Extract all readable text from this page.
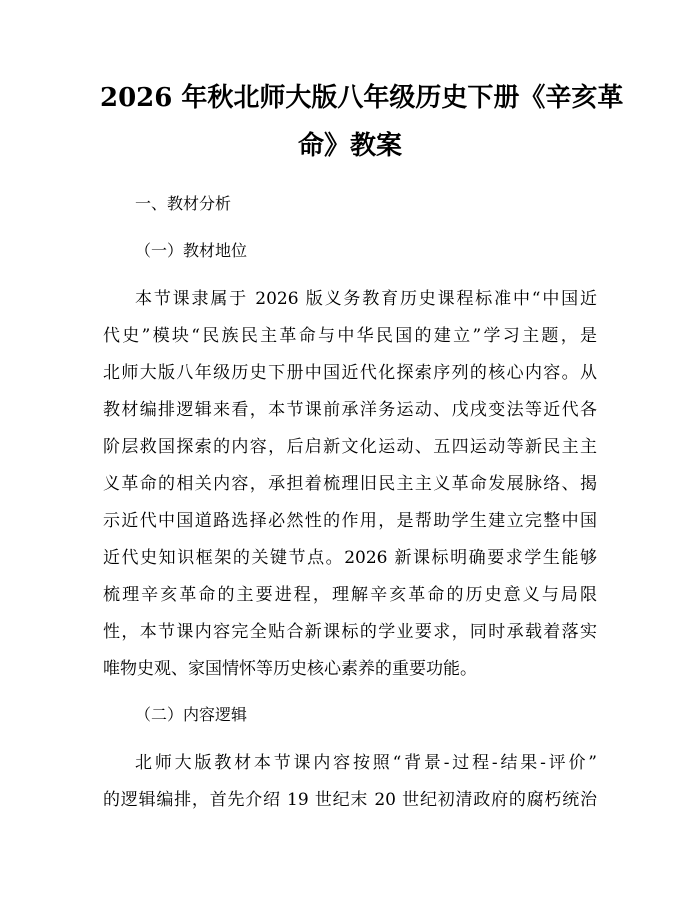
2026 年秋北师大版八年级历史下册《辛亥革
命》教案
一、教材分析
（一）教材地位
本节课隶属于 2026 版义务教育历史课程标准中“中国近
代史”模块“民族民主革命与中华民国的建立”学习主题，是
北师大版八年级历史下册中国近代化探索序列的核心内容。从
教材编排逻辑来看，本节课前承洋务运动、戊戌变法等近代各
阶层救国探索的内容，后启新文化运动、五四运动等新民主主
义革命的相关内容，承担着梳理旧民主主义革命发展脉络、揭
示近代中国道路选择必然性的作用，是帮助学生建立完整中国
近代史知识框架的关键节点。2026 新课标明确要求学生能够
梳理辛亥革命的主要进程，理解辛亥革命的历史意义与局限
性，本节课内容完全贴合新课标的学业要求，同时承载着落实
唯物史观、家国情怀等历史核心素养的重要功能。
（二）内容逻辑
北师大版教材本节课内容按照“背景-过程-结果-评价”
的逻辑编排，首先介绍 19 世纪末 20 世纪初清政府的腐朽统治
